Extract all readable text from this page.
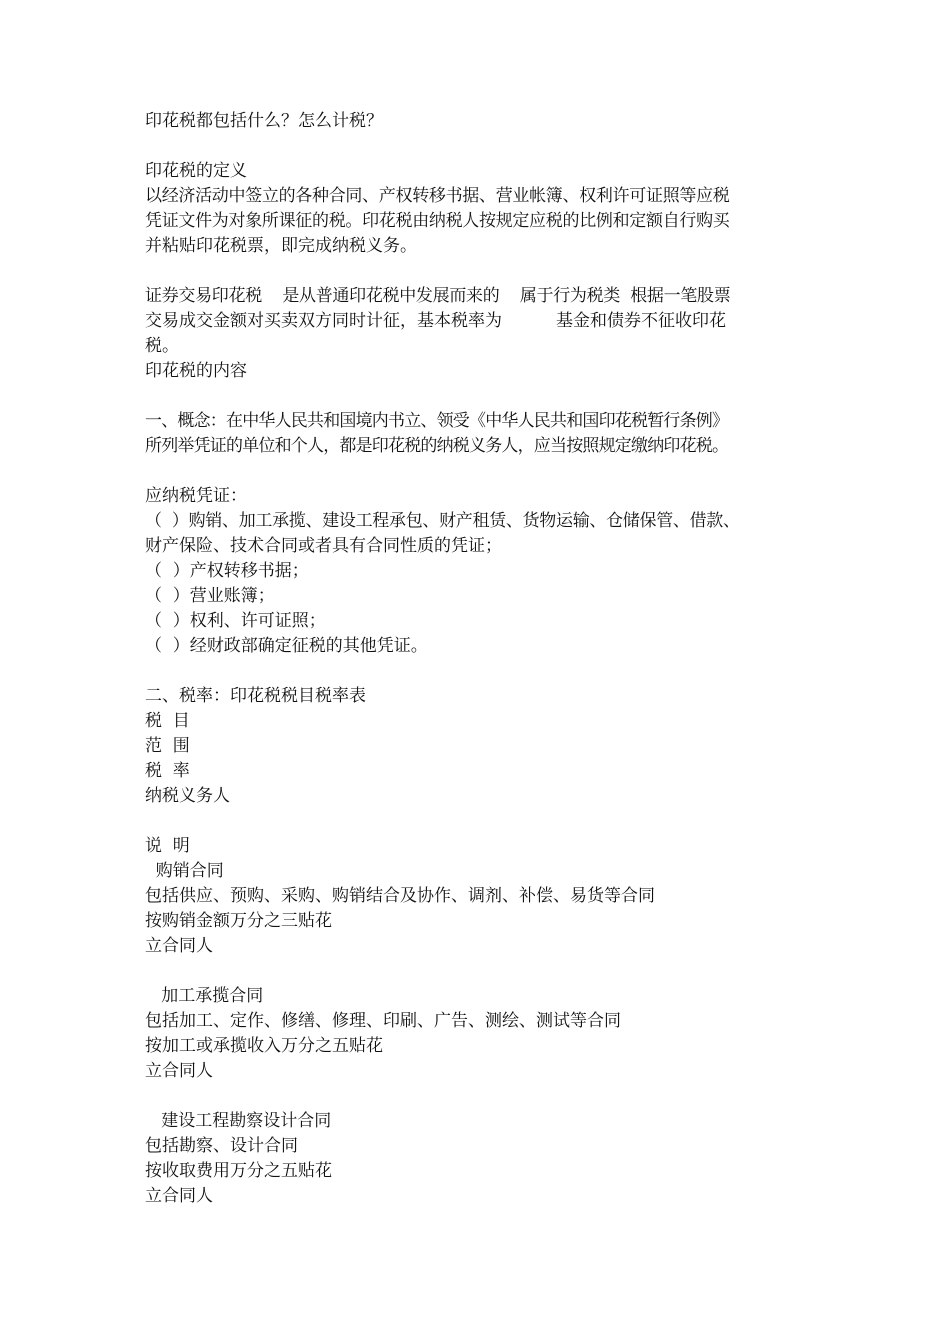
印花税都包括什么？怎么计税？
印花税的定义
以经济活动中签立的各种合同、产权转移书据、营业帐簿、权利许可证照等应税
凭证文件为对象所课征的税。印花税由纳税人按规定应税的比例和定额自行购买
并粘贴印花税票，即完成纳税义务。
证券交易印花税    是从普通印花税中发展而来的    属于行为税类  根据一笔股票
交易成交金额对买卖双方同时计征，基本税率为          基金和债券不征收印花
税。
印花税的内容
一、概念：在中华人民共和国境内书立、领受《中华人民共和国印花税暂行条例》
所列举凭证的单位和个人，都是印花税的纳税义务人，应当按照规定缴纳印花税。
应纳税凭证：
（  ）购销、加工承揽、建设工程承包、财产租赁、货物运输、仓储保管、借款、
财产保险、技术合同或者具有合同性质的凭证；
（  ）产权转移书据；
（  ）营业账簿；
（  ）权利、许可证照；
（  ）经财政部确定征税的其他凭证。
二、税率：印花税税目税率表
税  目
范  围
税  率
纳税义务人
说  明
购销合同
包括供应、预购、采购、购销结合及协作、调剂、补偿、易货等合同
按购销金额万分之三贴花
立合同人
加工承揽合同
包括加工、定作、修缮、修理、印刷、广告、测绘、测试等合同
按加工或承揽收入万分之五贴花
立合同人
建设工程勘察设计合同
包括勘察、设计合同
按收取费用万分之五贴花
立合同人
